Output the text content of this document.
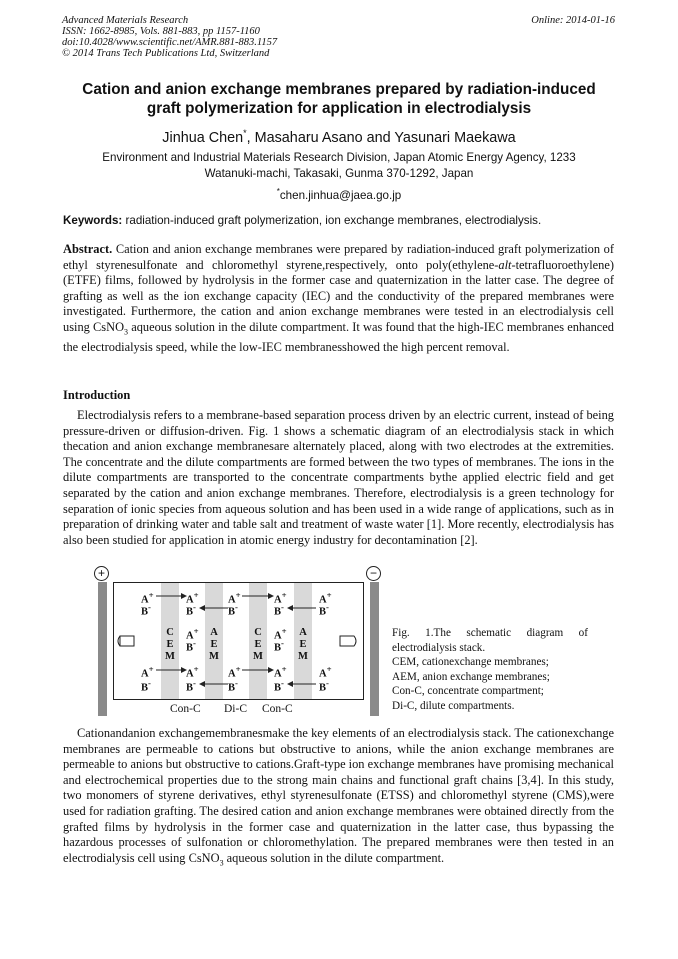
Advanced Materials Research
ISSN: 1662-8985, Vols. 881-883, pp 1157-1160
doi:10.4028/www.scientific.net/AMR.881-883.1157
© 2014 Trans Tech Publications Ltd, Switzerland
Online: 2014-01-16
Cation and anion exchange membranes prepared by radiation-induced
graft polymerization for application in electrodialysis
Jinhua Chen*, Masaharu Asano and Yasunari Maekawa
Environment and Industrial Materials Research Division, Japan Atomic Energy Agency, 1233
Watanuki-machi, Takasaki, Gunma 370-1292, Japan
*chen.jinhua@jaea.go.jp
Keywords: radiation-induced graft polymerization, ion exchange membranes, electrodialysis.
Abstract. Cation and anion exchange membranes were prepared by radiation-induced graft polymerization of ethyl styrenesulfonate and chloromethyl styrene,respectively, onto poly(ethylene-alt-tetrafluoroethylene) (ETFE) films, followed by hydrolysis in the former case and quaternization in the latter case. The degree of grafting as well as the ion exchange capacity (IEC) and the conductivity of the prepared membranes were investigated. Furthermore, the cation and anion exchange membranes were tested in an electrodialysis cell using CsNO$_3$ aqueous solution in the dilute compartment. It was found that the high-IEC membranes enhanced the electrodialysis speed, while the low-IEC membranesshowed the high percent removal.
Introduction
Electrodialysis refers to a membrane-based separation process driven by an electric current, instead of being pressure-driven or diffusion-driven. Fig. 1 shows a schematic diagram of an electrodialysis stack in which thecation and anion exchange membranesare alternately placed, along with two electrodes at the extremities. The concentrate and the dilute compartments are formed between the two types of membranes. The ions in the dilute compartments are transported to the concentrate compartments bythe applied electric field and get separated by the cation and anion exchange membranes. Therefore, electrodialysis is a green technology for separation of ionic species from aqueous solution and has been used in a wide range of applications, such as in preparation of drinking water and table salt and treatment of waste water [1]. More recently, electrodialysis has also been studied for application in atomic energy industry for decontamination [2].
+	−
C
E
M
A
E
M
C
E
M
A
E
M
A+
B-
A+
B-
A+
B-
A+
B-
A+
B-
A+
B-
A+
B-
A+
B-
A+
B-
A+
B-
A+
B-
A+
B-
Con-C Di-C Con-C
Fig. 1.The schematic diagram of electrodialysis stack.
CEM, cationexchange membranes;
AEM, anion exchange membranes;
Con-C, concentrate compartment;
Di-C, dilute compartments.
Cationandanion exchangemembranesmake the key elements of an electrodialysis stack. The cationexchange membranes are permeable to cations but obstructive to anions, while the anion exchange membranes are permeable to anions but obstructive to cations.Graft-type ion exchange membranes have promising mechanical and electrochemical properties due to the strong main chains and functional graft chains [3,4]. In this study, two monomers of styrene derivatives, ethyl styrenesulfonate (ETSS) and chloromethyl styrene (CMS),were used for radiation grafting. The desired cation and anion exchange membranes were obtained directly from the grafted films by hydrolysis in the former case and quaternization in the latter case, thus bypassing the hazardous processes of sulfonation or chloromethylation. The prepared membranes were then tested in an electrodialysis cell using CsNO$_3$ aqueous solution in the dilute compartment.
